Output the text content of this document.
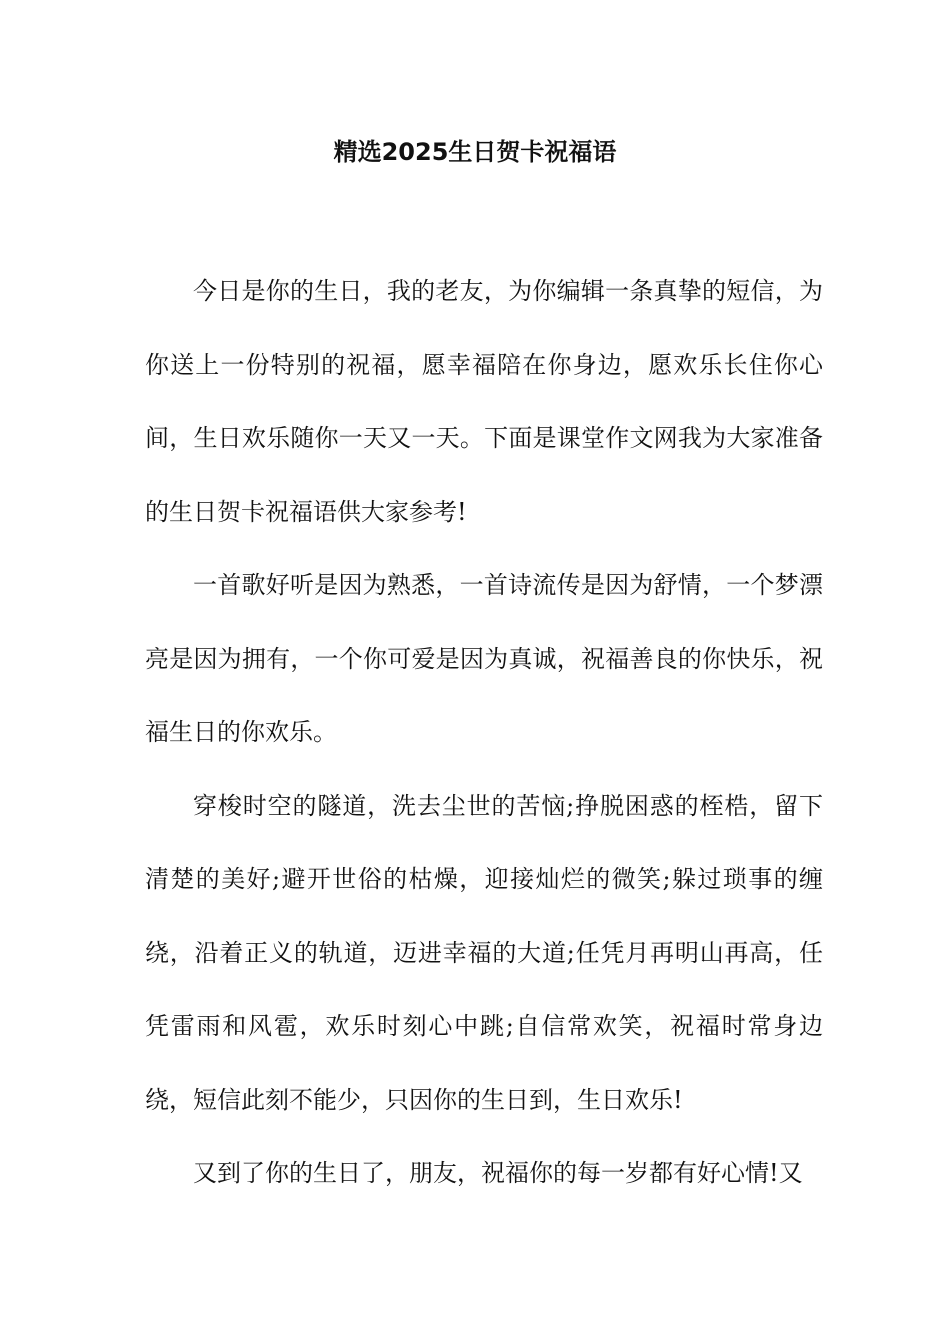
精选2025生日贺卡祝福语

今日是你的生日，我的老友，为你编辑一条真挚的短信，为你送上一份特别的祝福，愿幸福陪在你身边，愿欢乐长住你心间，生日欢乐随你一天又一天。下面是课堂作文网我为大家准备的生日贺卡祝福语供大家参考!

一首歌好听是因为熟悉，一首诗流传是因为舒情，一个梦漂亮是因为拥有，一个你可爱是因为真诚，祝福善良的你快乐，祝福生日的你欢乐。

穿梭时空的隧道，洗去尘世的苦恼;挣脱困惑的桎梏，留下清楚的美好;避开世俗的枯燥，迎接灿烂的微笑;躲过琐事的缠绕，沿着正义的轨道，迈进幸福的大道;任凭月再明山再高，任凭雷雨和风雹，欢乐时刻心中跳;自信常欢笑，祝福时常身边绕，短信此刻不能少，只因你的生日到，生日欢乐!

又到了你的生日了，朋友，祝福你的每一岁都有好心情!又
